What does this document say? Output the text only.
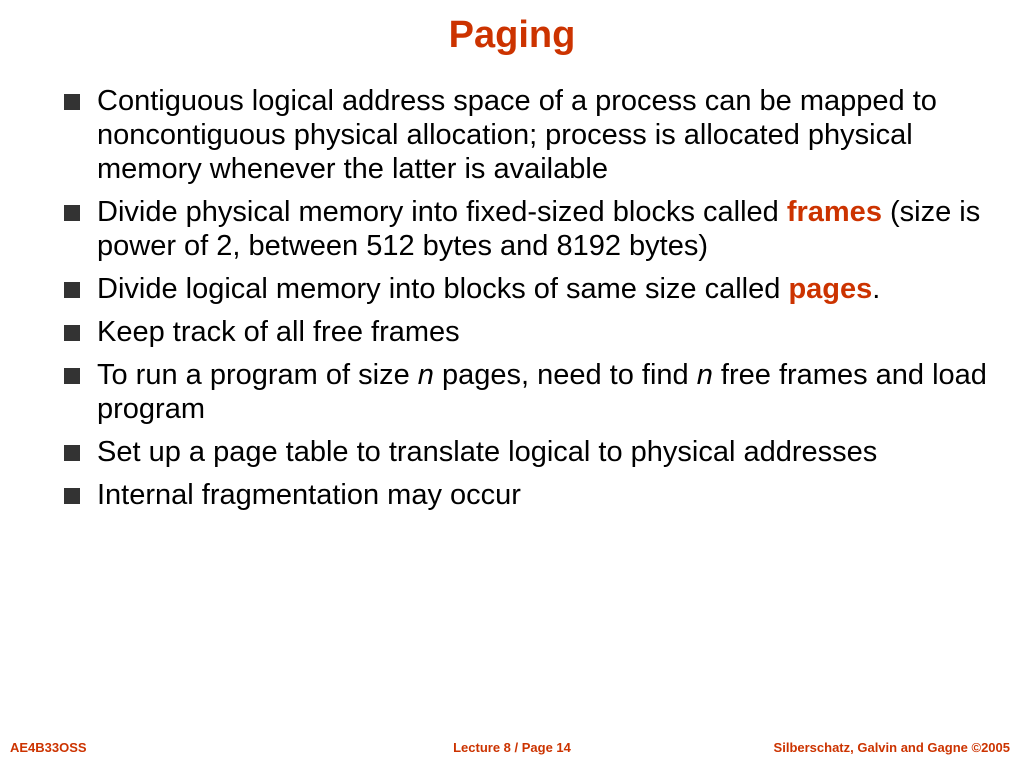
Paging
Contiguous logical address space of a process can be mapped to noncontiguous physical allocation; process is allocated physical memory whenever the latter is available
Divide physical memory into fixed-sized blocks called frames (size is power of 2, between 512 bytes and 8192 bytes)
Divide logical memory into blocks of same size called pages.
Keep track of all free frames
To run a program of size n pages, need to find n free frames and load program
Set up a page table to translate logical to physical addresses
Internal fragmentation may occur
AE4B33OSS	Lecture 8 / Page 14	Silberschatz, Galvin and Gagne ©2005
